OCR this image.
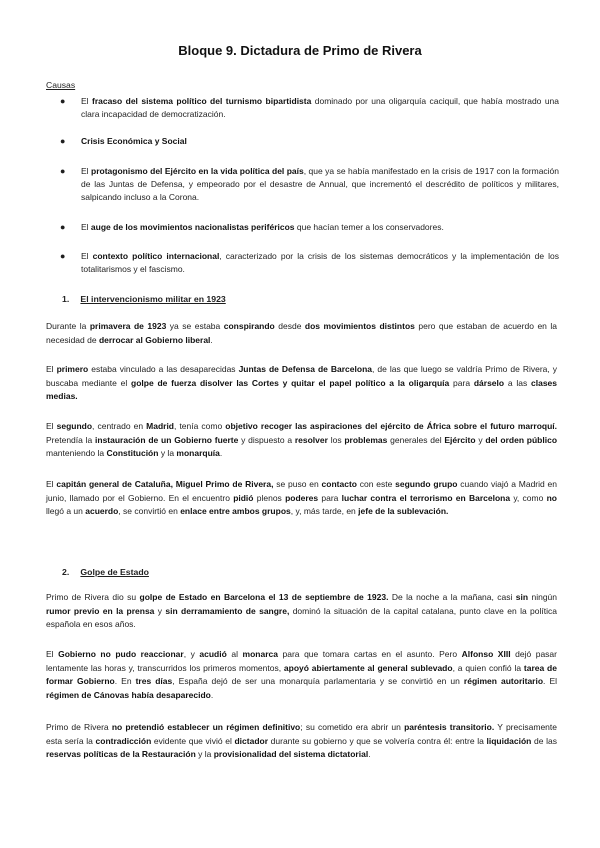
Bloque 9. Dictadura de Primo de Rivera
Causas
●	El fracaso del sistema político del turnismo bipartidista dominado por una oligarquía caciquil, que había mostrado una clara incapacidad de democratización.
●	Crisis Económica y Social
●	El protagonismo del Ejército en la vida política del país, que ya se había manifestado en la crisis de 1917 con la formación de las Juntas de Defensa, y empeorado por el desastre de Annual, que incrementó el descrédito de políticos y militares, salpicando incluso a la Corona.
●	El auge de los movimientos nacionalistas periféricos que hacían temer a los conservadores.
●	El contexto político internacional, caracterizado por la crisis de los sistemas democráticos y la implementación de los totalitarismos y el fascismo.
1. El intervencionismo militar en 1923
Durante la primavera de 1923 ya se estaba conspirando desde dos movimientos distintos pero que estaban de acuerdo en la necesidad de derrocar al Gobierno liberal.
El primero estaba vinculado a las desaparecidas Juntas de Defensa de Barcelona, de las que luego se valdría Primo de Rivera, y buscaba mediante el golpe de fuerza disolver las Cortes y quitar el papel político a la oligarquía para dárselo a las clases medias.
El segundo, centrado en Madrid, tenía como objetivo recoger las aspiraciones del ejército de África sobre el futuro marroquí. Pretendía la instauración de un Gobierno fuerte y dispuesto a resolver los problemas generales del Ejército y del orden público manteniendo la Constitución y la monarquía.
El capitán general de Cataluña, Miguel Primo de Rivera, se puso en contacto con este segundo grupo cuando viajó a Madrid en junio, llamado por el Gobierno. En el encuentro pidió plenos poderes para luchar contra el terrorismo en Barcelona y, como no llegó a un acuerdo, se convirtió en enlace entre ambos grupos, y, más tarde, en jefe de la sublevación.
2. Golpe de Estado
Primo de Rivera dio su golpe de Estado en Barcelona el 13 de septiembre de 1923. De la noche a la mañana, casi sin ningún rumor previo en la prensa y sin derramamiento de sangre, dominó la situación de la capital catalana, punto clave en la política española en esos años.
El Gobierno no pudo reaccionar, y acudió al monarca para que tomara cartas en el asunto. Pero Alfonso XIII dejó pasar lentamente las horas y, transcurridos los primeros momentos, apoyó abiertamente al general sublevado, a quien confió la tarea de formar Gobierno. En tres días, España dejó de ser una monarquía parlamentaria y se convirtió en un régimen autoritario. El régimen de Cánovas había desaparecido.
Primo de Rivera no pretendió establecer un régimen definitivo; su cometido era abrir un paréntesis transitorio. Y precisamente esta sería la contradicción evidente que vivió el dictador durante su gobierno y que se volvería contra él: entre la liquidación de las reservas políticas de la Restauración y la provisionalidad del sistema dictatorial.
